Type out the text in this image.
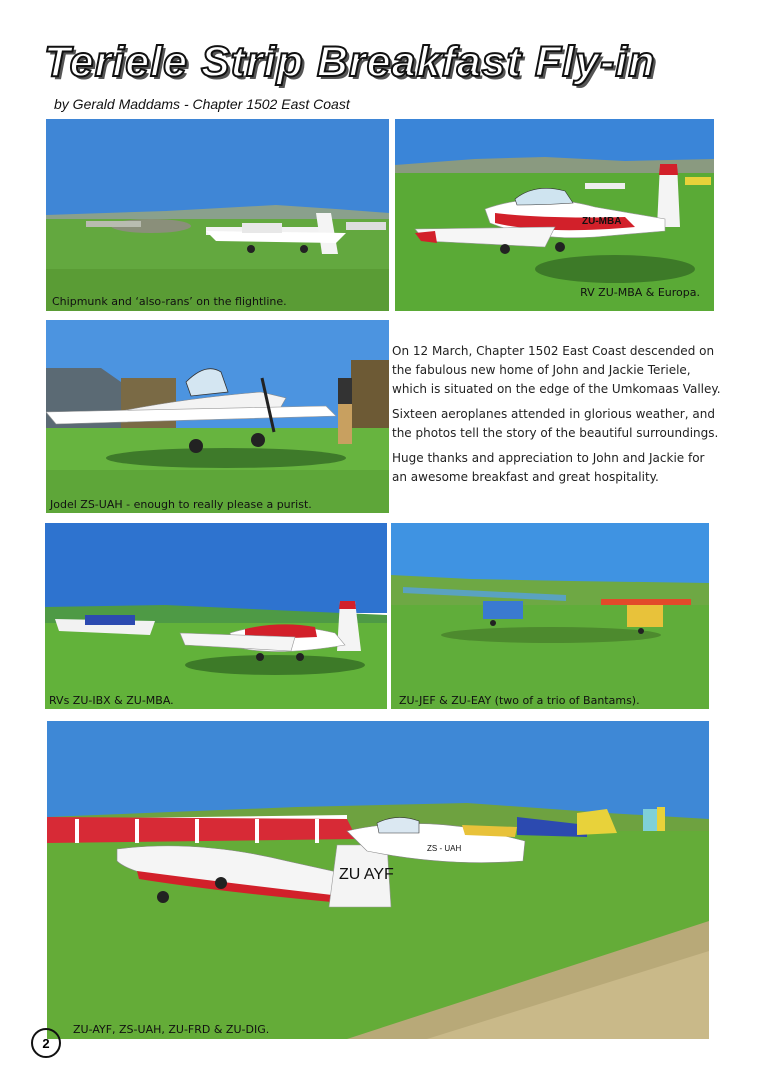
Teriele Strip Breakfast Fly-in
by Gerald Maddams - Chapter 1502 East Coast
Chipmunk and ‘also-rans’ on the flightline.
ZU-MBA
RV ZU-MBA & Europa.
Jodel ZS-UAH - enough to really please a purist.

On 12 March, Chapter 1502 East Coast descended on the fabulous new home of John and Jackie Teriele, which is situated on the edge of the Umkomaas Valley.

Sixteen aeroplanes attended in glorious weather, and the photos tell the story of the beautiful surroundings.

Huge thanks and appreciation to John and Jackie for an awesome breakfast and great hospitality.

RVs ZU-IBX & ZU-MBA.	ZU-JEF & ZU-EAY (two of a trio of Bantams).
ZU AYF
ZS - UAH
ZU-AYF, ZS-UAH, ZU-FRD & ZU-DIG.
2
